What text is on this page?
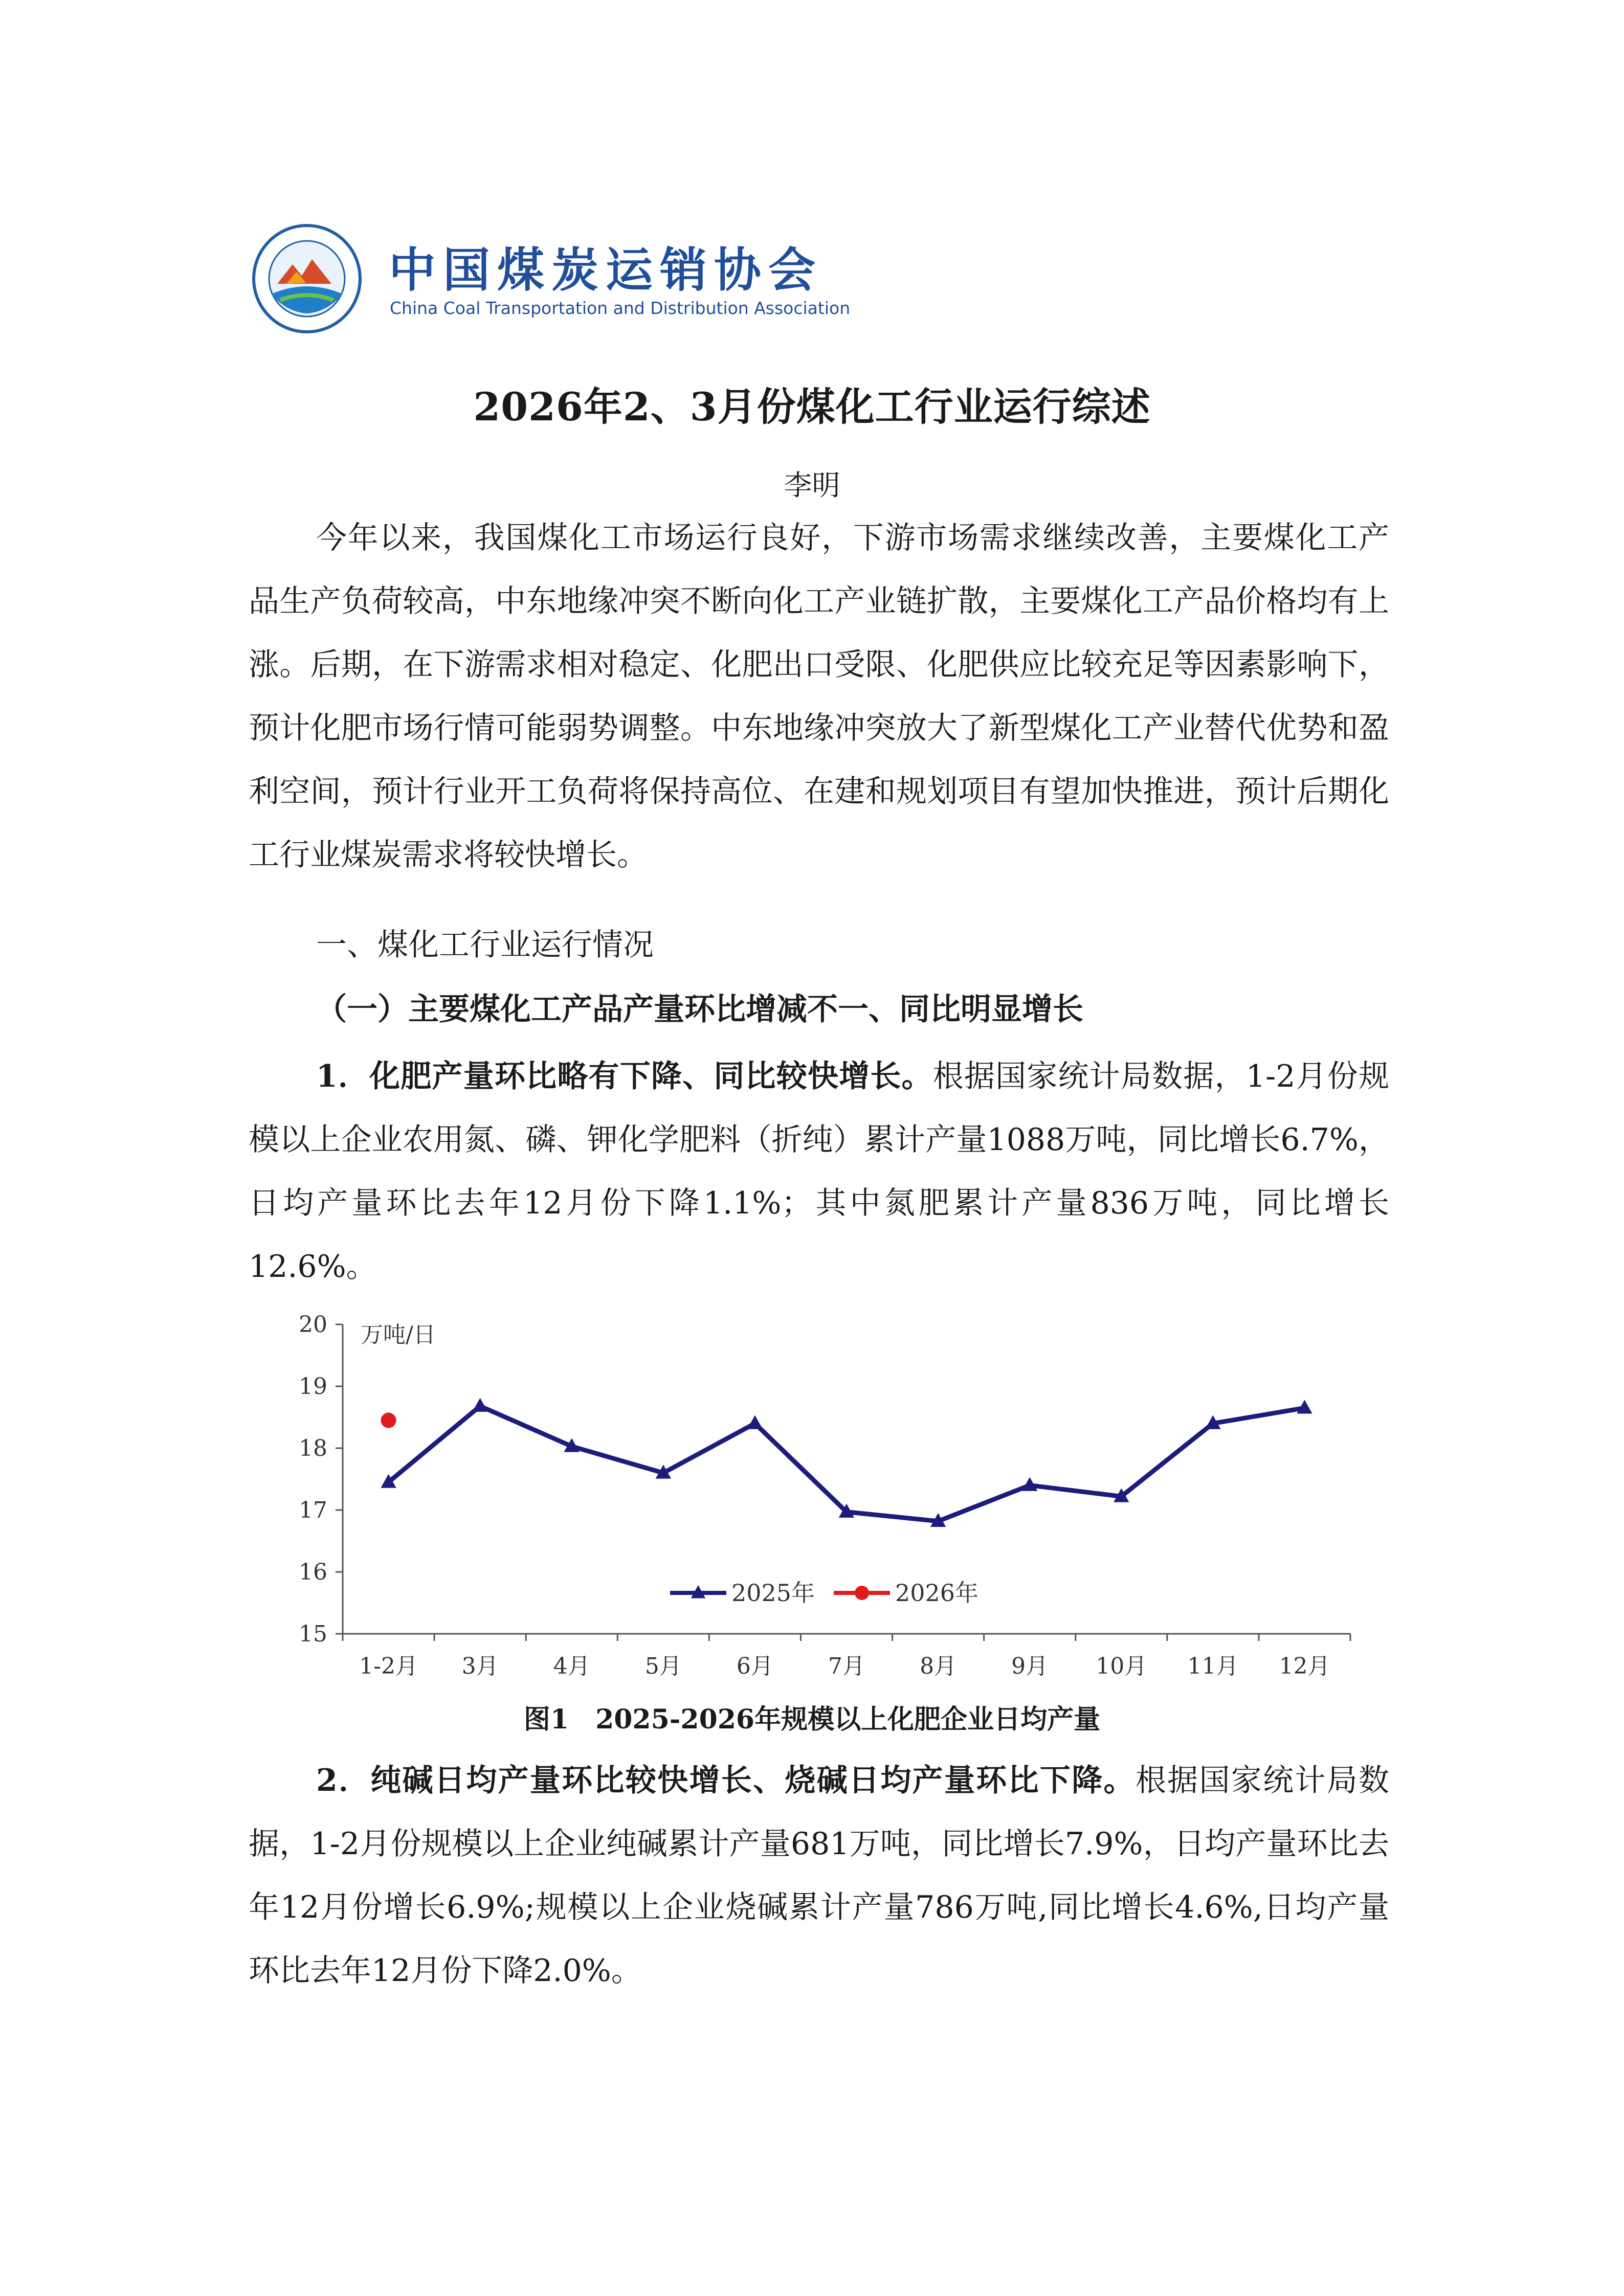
中国煤炭运销协会
China Coal Transportation and Distribution Association
2026年2、3月份煤化工行业运行综述
李明

今年以来，我国煤化工市场运行良好，下游市场需求继续改善，主要煤化工产品生产负荷较高，中东地缘冲突不断向化工产业链扩散，主要煤化工产品价格均有上涨。后期，在下游需求相对稳定、化肥出口受限、化肥供应比较充足等因素影响下，预计化肥市场行情可能弱势调整。中东地缘冲突放大了新型煤化工产业替代优势和盈利空间，预计行业开工负荷将保持高位、在建和规划项目有望加快推进，预计后期化工行业煤炭需求将较快增长。

一、煤化工行业运行情况
（一）主要煤化工产品产量环比增减不一、同比明显增长

1．化肥产量环比略有下降、同比较快增长。根据国家统计局数据，1-2月份规模以上企业农用氮、磷、钾化学肥料（折纯）累计产量1088万吨，同比增长6.7%，日均产量环比去年12月份下降1.1%；其中氮肥累计产量836万吨，同比增长12.6%。

15
16
17
18
19
20
1-2月 3月 4月 5月 6月 7月 8月 9月 10月 11月 12月
万吨/日
2025年	2026年
图1　2025-2026年规模以上化肥企业日均产量

2．纯碱日均产量环比较快增长、烧碱日均产量环比下降。根据国家统计局数据，1-2月份规模以上企业纯碱累计产量681万吨，同比增长7.9%，日均产量环比去年12月份增长6.9%;规模以上企业烧碱累计产量786万吨,同比增长4.6%,日均产量环比去年12月份下降2.0%。
